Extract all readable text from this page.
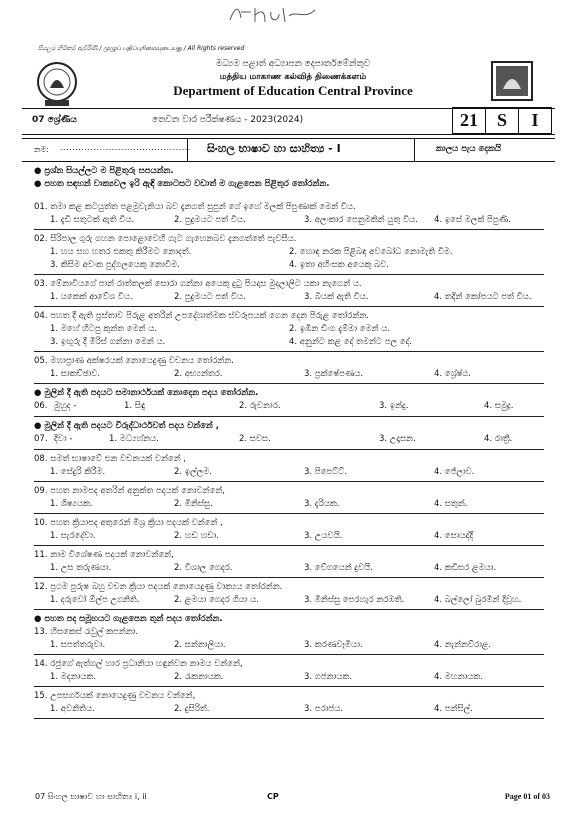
සියලුම හිමිකම් ඇවිරිණි / முழுப் பதிப்புரிமையுடையது / All Rights reserved
මධ්‍යම පළාත් අධ්‍යාපන දෙපාර්තමේන්තුව
மத்திய மாகாண கல்வித் திணைக்களம்
Department of Education Central Province
07 ශ්‍රේණිය	තෙවන වාර පරීක්ෂණය - 2023(2024)	21	S	I
නම: ........................................... සිංහල භාෂාව හා සාහිත්‍ය - I	කාලය පැය දෙකයි
● ප්‍රශ්න සියල්ලට ම පිළිතුරු සපයන්න.
● පහත සඳහන් වාක්‍යවල ඉරි ඇඳි කොටසට වඩාත් ම ගැළපෙන පිළිතුර තෝරන්න.
01. තමා කළ කටයුත්ත පළමුවැනියා බව දැනගත් සුපුන් ගේ ඉහේ මලක් පිපුණාක් මෙන් විය.
1. දැඩි සතුටක් ඇති විය.	2. පුදුමයට පත් විය.	3. අලංකාර පෙනුමකින් යුතු විය. 4. ඉසේ මලක් පිපුණි.
02. සිරිපාල ගුරු ගහන පොළොවෙහි ගැට ගැහෙනබව දැනගත්තේ පැවසීය.
1. හය සහ හතර එකතු කිරීමට නොදත්.	2. හොඳ නරක පිළිබඳ අවබෝධ නොමැති විම.
3. කිසිම අවංක පුද්ගලයෙකු නොවීම.	4. ඉතා අහිංසක අයෙකු බව.
03. මේනාවියගේ පාන් රාත්තලක් සොරා ගන්නා අයෙකු දුටු පියදාස මුදලාලිට යකා නැගෙන් ය.
1. යකෙක් ආවේශ විය.	2. පුදුමයට පත් විය.	3. බියක් ඇති විය.	4. තදින් කෝපයට පත් විය.
04. පහත දී ඇති ප්‍රස්තාව පිරුළ අතරින් උපදේශාත්මක ස්වරූපයක් ගෙන දෙන පිරුළ තෝරන්න.
1. මහේ හිටපු කුන්ත මෙන් ය.	2. ඉඹින ඩිංග දැම්මා මෙන් ය.
3. ඉඟුරු දී මිරිස් ගන්නා මෙන් ය.	4. අනුන්ට කළ දේ තමන්ට පල දේ.
05. මහාප්‍රාණ අක්ෂරයක් නොයෙදුණු වචනය තෝරන්න.
1. සාකච්ඡාව.	2. අභ්‍යන්තර.	3. ප්‍රක්ෂේපණය.	4. ශ්‍රේෂ්ඨ.
● මුලින් දී ඇති පදයට සමානාර්ථයක් නොදෙන පදය තෝරන්න.
06. මුහුද -	1. සිඳු	2. රුවනාර.	3. ඉන්දු.	4. සමුද්‍ර.
● මුලින් දී ඇති පදයට විරුද්ධාර්ථවත් පදය වන්නේ ,
07. දිවා -	1. මධ්‍යහ්නය.	2. සවස.	3. උදෑසන.	4. රාත්‍රී.
08. සමත් භාෂාවේ එන වචනයක් වන්නේ ,
1. සේදුරි කිරීම.	2. ඉල්ලම.	3. පිපෙට්ට්.	4. ජේලාව.
09. පහත නාමපද අතරින් අනුක්ත පදයක් නොවන්නේ,
1. ශිෂ්‍යයක.	2. මිනිස්සු.	3. දැරියක.	4. සතුන්.
10. පහත ක්‍රියාපද අතුරෙන් මිශ්‍ර ක්‍රියා පදයක් වන්නේ ,
1. සැරදේවා.	2. හඩ හඩා.	3. උයවයි.	4. සොයද්දී
11. නාම විශේෂණ පදයක් නොවන්නේ,
1. උස තරුණයා.	2. විශාල ගෙදර.	3. වේගයෙන් දුවයි.	4. කඩිසර ළමයා.
12. ප්‍රථම පුරුෂ බහු වචන ක්‍රියා පදයක් නොයෙදුණු වාක්‍යය තෝරන්න.
1. දරුවෝ ඕල්ප උගනිති.	2. ළමයා ගෙදර ගියා ය.	3. මිනිස්සු පෙරහැර නරඹති.	4. බල්ලෝ බුරමින් දිවූහ.
● පහත පද සමූහයට ගැළපෙන තුන් පදය තෝරන්න.
13. හිසකෙස් රැවුල් කපන්නා.
1. සපත්තරුවා.	2. සන්නාලියා.	3. කරණවෑමියා.	4. නැන්නව්රාළ.
14. රජුගේ ඇත්ගල් හාර ප්‍රධානියා හඳුන්වන නාමය වන්නේ,
1. මදනායක.	2. රැකනායක.	3. ගජනායක.	4. මහනායක.
15. උපසර්ගයක් නොයෙදුණු වචනය වන්නේ,
1. අවනිතිය.	2. දුසිරිත්.	3. පරාජය.	4. පන්සිල්.
07 සිංහල භාෂාව හා සාහිත්‍ය i, ii	CP	Page 01 of 03
